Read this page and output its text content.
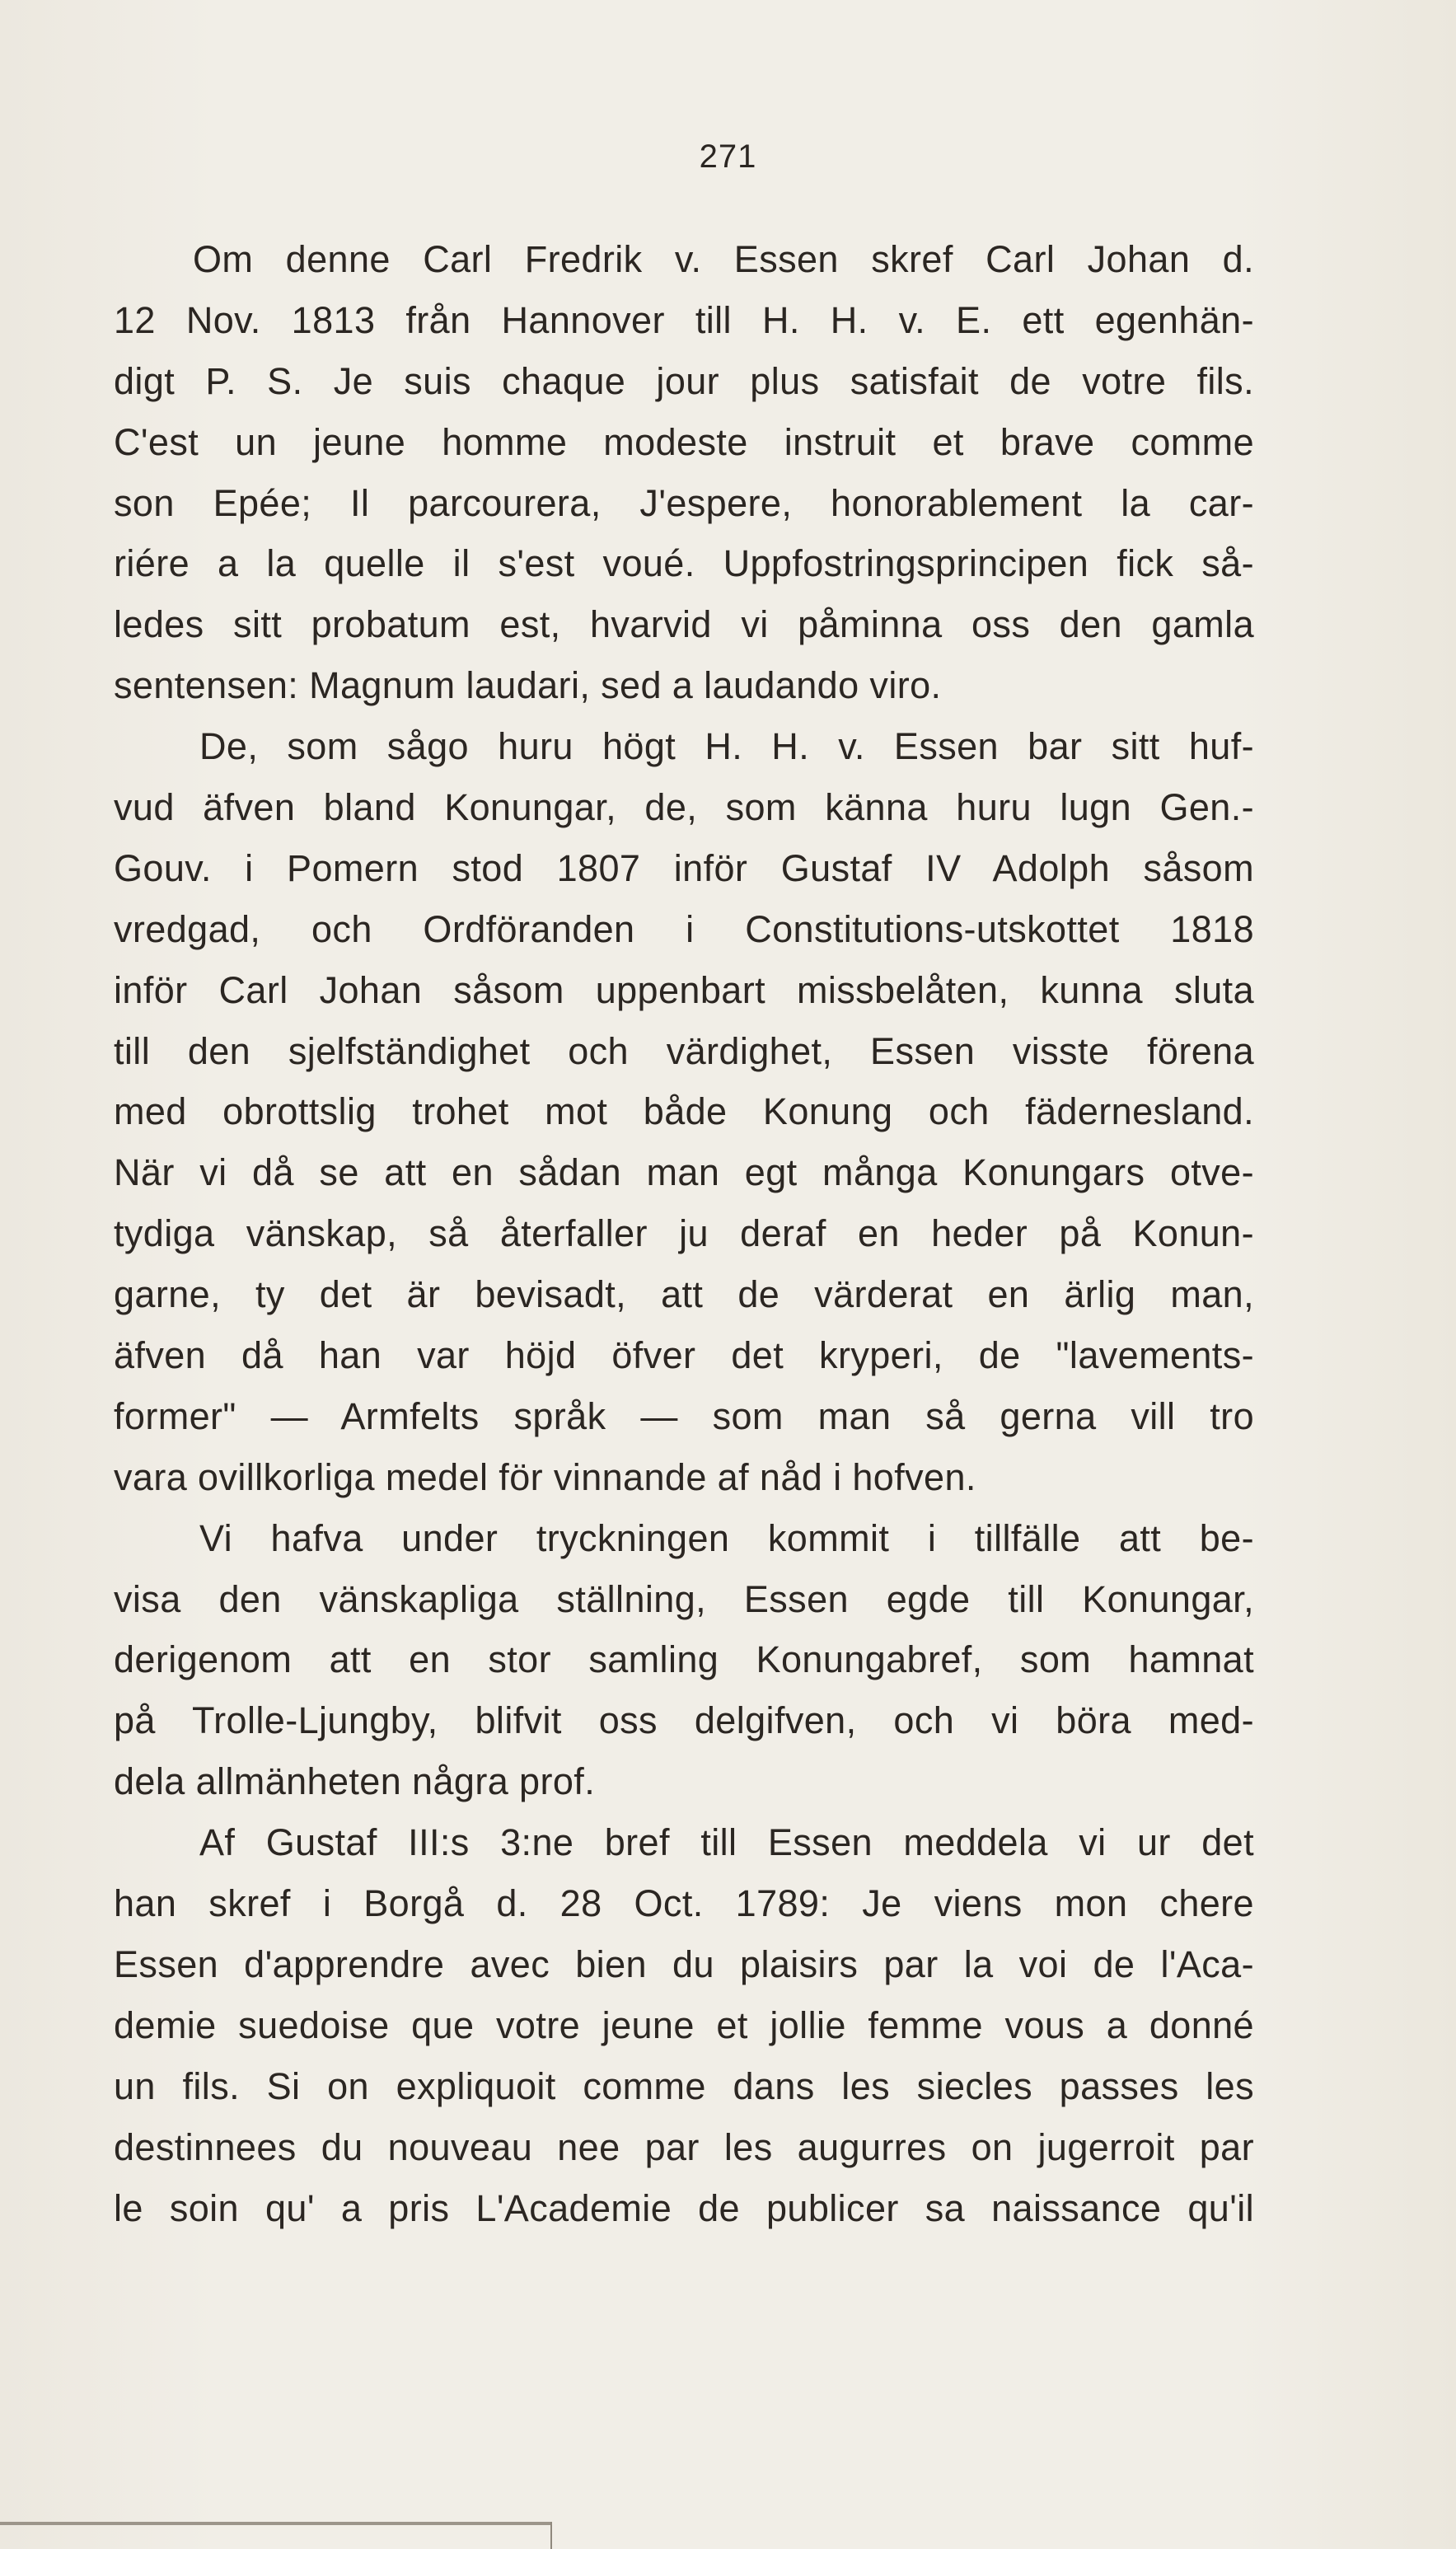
271
Om denne Carl Fredrik v. Essen skref Carl Johan d.
12 Nov. 1813 från Hannover till H. H. v. E. ett egenhän-
digt P. S. Je suis chaque jour plus satisfait de votre fils.
C'est un jeune homme modeste instruit et brave comme
son Epée; Il parcourera, J'espere, honorablement la car-
riére a la quelle il s'est voué. Uppfostringsprincipen fick så-
ledes sitt probatum est, hvarvid vi påminna oss den gamla
sentensen: Magnum laudari, sed a laudando viro.
De, som sågo huru högt H. H. v. Essen bar sitt huf-
vud äfven bland Konungar, de, som känna huru lugn Gen.-
Gouv. i Pomern stod 1807 inför Gustaf IV Adolph såsom
vredgad, och Ordföranden i Constitutions-utskottet 1818
inför Carl Johan såsom uppenbart missbelåten, kunna sluta
till den sjelfständighet och värdighet, Essen visste förena
med obrottslig trohet mot både Konung och fäderneslаnd.
När vi då se att en sådan man egt många Konungars otve-
tydiga vänskap, så återfaller ju deraf en heder på Konun-
garne, ty det är bevisadt, att de värderat en ärlig man,
äfven då han var höjd öfver det kryperi, de "lavements-
former" — Armfelts språk — som man så gerna vill tro
vara ovillkorliga medel för vinnande af nåd i hofven.
Vi hafva under tryckningen kommit i tillfälle att be-
visa den vänskapliga ställning, Essen egde till Konungar,
derigenom att en stor samling Konungabref, som hamnat
på Trolle-Ljungby, blifvit oss delgifven, och vi böra med-
dela allmänheten några prof.
Af Gustaf III:s 3:ne bref till Essen meddela vi ur det
han skref i Borgå d. 28 Oct. 1789: Je viens mon chere
Essen d'apprendre avec bien du plaisirs par la voi de l'Aca-
demie suedoise que votre jeune et jollie femme vous a donné
un fils. Si on expliquoit comme dans les siecles passes les
destinnees du nouveau nee par les augurres on jugerroit par
le soin qu' a pris L'Academie de publicer sa naissance qu'il
